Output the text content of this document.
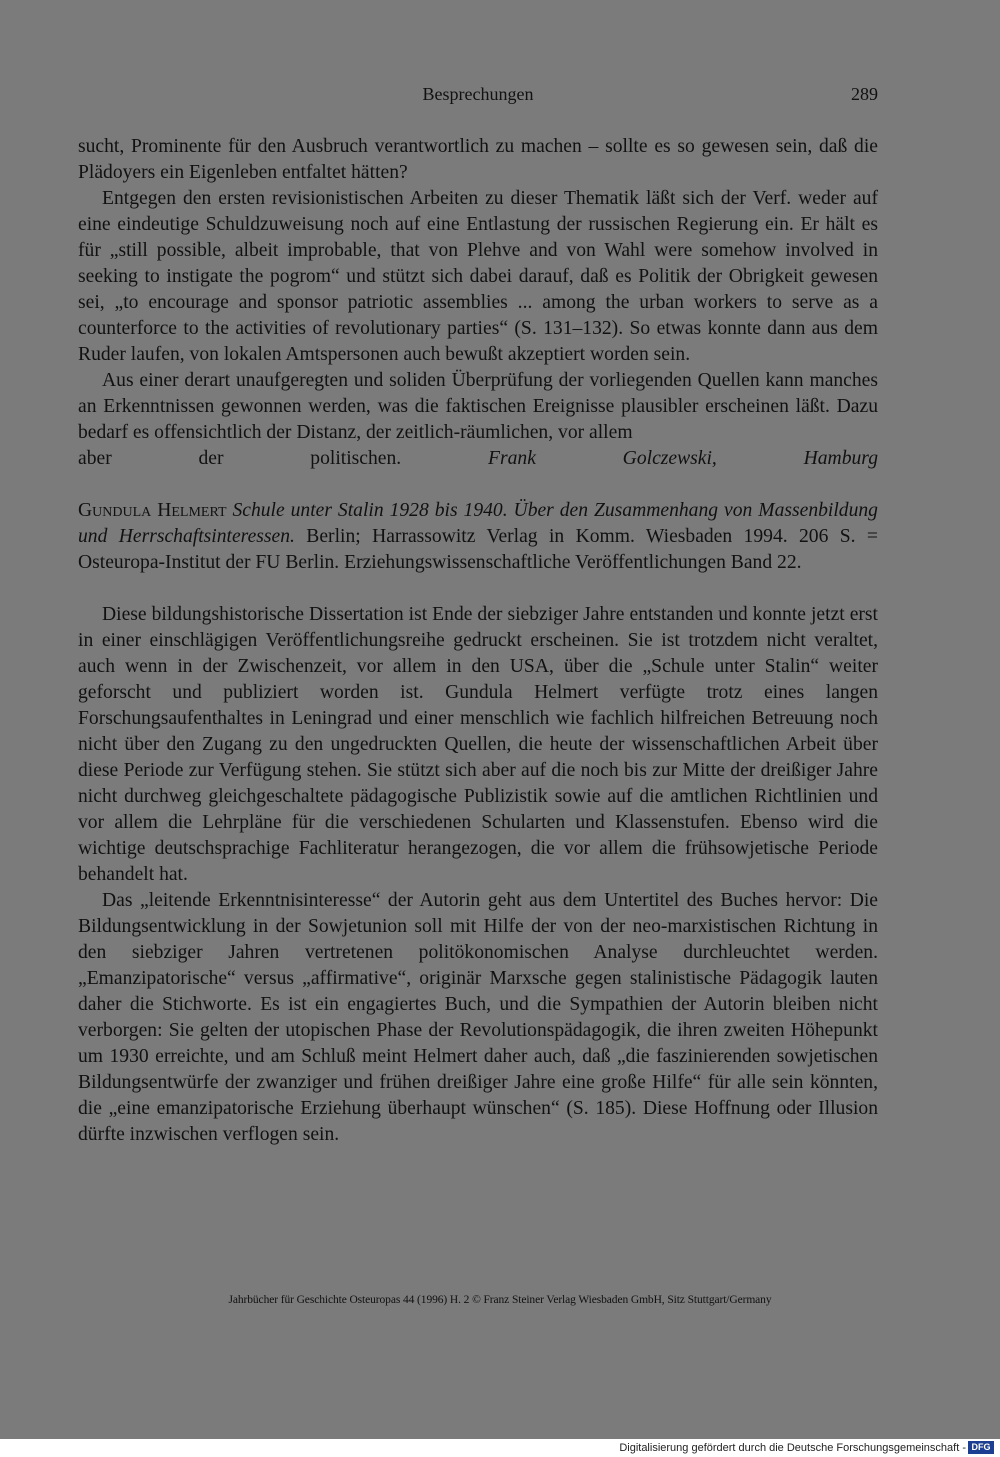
Besprechungen	289

sucht, Prominente für den Ausbruch verantwortlich zu machen – sollte es so gewesen sein, daß die Plädoyers ein Eigenleben entfaltet hätten?

Entgegen den ersten revisionistischen Arbeiten zu dieser Thematik läßt sich der Verf. weder auf eine eindeutige Schuldzuweisung noch auf eine Entlastung der russischen Regierung ein. Er hält es für „still possible, albeit improbable, that von Plehve and von Wahl were somehow involved in seeking to instigate the pogrom“ und stützt sich dabei darauf, daß es Politik der Obrigkeit gewesen sei, „to encourage and sponsor patriotic assemblies ... among the urban workers to serve as a counterforce to the activities of revolutionary parties“ (S. 131–132). So etwas konnte dann aus dem Ruder laufen, von lokalen Amtspersonen auch bewußt akzeptiert worden sein.

Aus einer derart unaufgeregten und soliden Überprüfung der vorliegenden Quellen kann manches an Erkenntnissen gewonnen werden, was die faktischen Ereignisse plausibler erscheinen läßt. Dazu bedarf es offensichtlich der Distanz, der zeitlich-räumlichen, vor allem

aber der politischen.	Frank Golczewski, Hamburg

Gundula Helmert Schule unter Stalin 1928 bis 1940. Über den Zusammenhang von Massenbildung und Herrschaftsinteressen. Berlin; Harrassowitz Verlag in Komm. Wiesbaden 1994. 206 S. = Osteuropa-Institut der FU Berlin. Erziehungswissenschaftliche Veröffentlichungen Band 22.

Diese bildungshistorische Dissertation ist Ende der siebziger Jahre entstanden und konnte jetzt erst in einer einschlägigen Veröffentlichungsreihe gedruckt erscheinen. Sie ist trotzdem nicht veraltet, auch wenn in der Zwischenzeit, vor allem in den USA, über die „Schule unter Stalin“ weiter geforscht und publiziert worden ist. Gundula Helmert verfügte trotz eines langen Forschungsaufenthaltes in Leningrad und einer menschlich wie fachlich hilfreichen Betreuung noch nicht über den Zugang zu den ungedruckten Quellen, die heute der wissenschaftlichen Arbeit über diese Periode zur Verfügung stehen. Sie stützt sich aber auf die noch bis zur Mitte der dreißiger Jahre nicht durchweg gleichgeschaltete pädagogische Publizistik sowie auf die amtlichen Richtlinien und vor allem die Lehrpläne für die verschiedenen Schularten und Klassenstufen. Ebenso wird die wichtige deutschsprachige Fachliteratur herangezogen, die vor allem die frühsowjetische Periode behandelt hat.

Das „leitende Erkenntnisinteresse“ der Autorin geht aus dem Untertitel des Buches hervor: Die Bildungsentwicklung in der Sowjetunion soll mit Hilfe der von der neo-marxistischen Richtung in den siebziger Jahren vertretenen politökonomischen Analyse durchleuchtet werden. „Emanzipatorische“ versus „affirmative“, originär Marxsche gegen stalinistische Pädagogik lauten daher die Stichworte. Es ist ein engagiertes Buch, und die Sympathien der Autorin bleiben nicht verborgen: Sie gelten der utopischen Phase der Revolutionspädagogik, die ihren zweiten Höhepunkt um 1930 erreichte, und am Schluß meint Helmert daher auch, daß „die faszinierenden sowjetischen Bildungsentwürfe der zwanziger und frühen dreißiger Jahre eine große Hilfe“ für alle sein könnten, die „eine emanzipatorische Erziehung überhaupt wünschen“ (S. 185). Diese Hoffnung oder Illusion dürfte inzwischen verflogen sein.

Jahrbücher für Geschichte Osteuropas 44 (1996) H. 2 © Franz Steiner Verlag Wiesbaden GmbH, Sitz Stuttgart/Germany
Digitalisierung gefördert durch die Deutsche Forschungsgemeinschaft - DFG
